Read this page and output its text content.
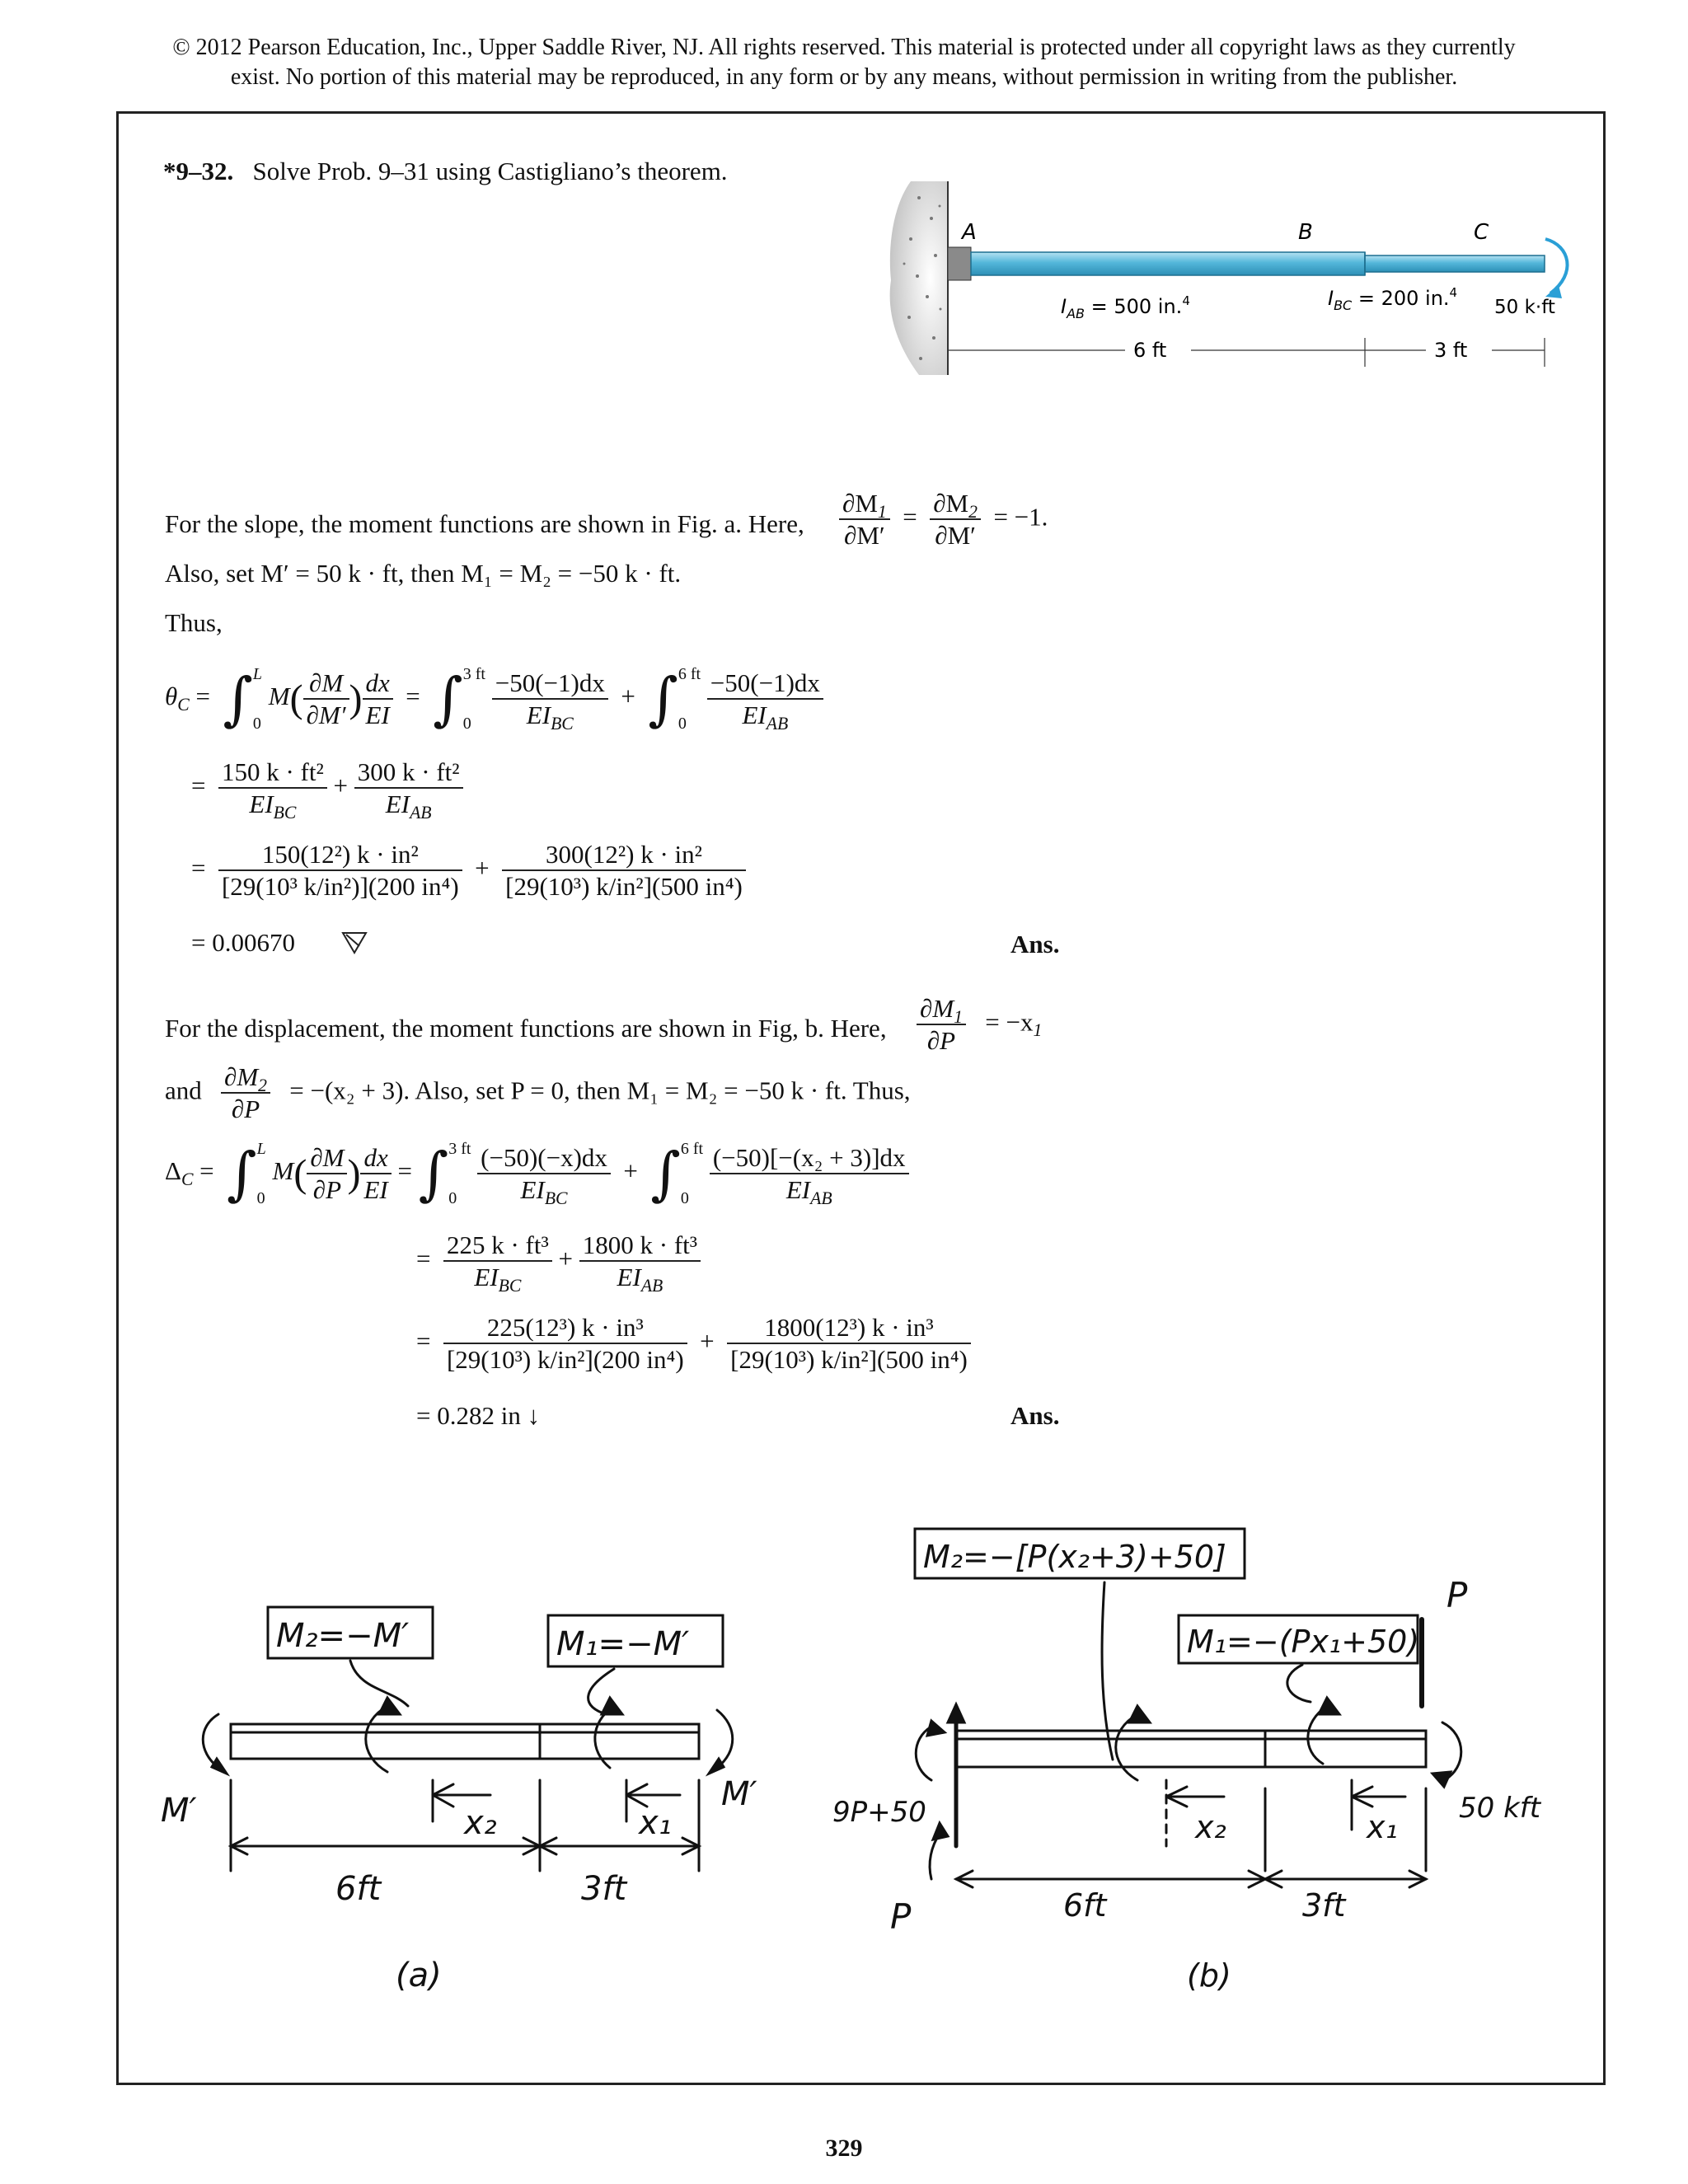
© 2012 Pearson Education, Inc., Upper Saddle River, NJ. All rights reserved. This material is protected under all copyright laws as they currently
exist. No portion of this material may be reproduced, in any form or by any means, without permission in writing from the publisher.
*9–32. Solve Prob. 9–31 using Castigliano’s theorem.
A	B	C
$I_{AB} = 500$ in.$^4$	$I_{BC} = 200$ in.$^4$
50 k·ft
6 ft	3 ft
For the slope, the moment functions are shown in Fig. a. Here, $\frac{\partial M_1}{\partial M'} = \frac{\partial M_2}{\partial M'} = -1$.
Also, set M′ = 50 k · ft, then M₁ = M₂ = −50 k · ft.
Thus,
$\theta_C$ =  ∫ L

0
$M( \frac{\partial M}{\partial M'}$ ) $\frac{dx}{EI}$ =  ∫ 3 ft

0
$\frac{-50(-1)dx}{EI_{BC}}$ +  ∫ 6 ft

0
$\frac{-50(-1)dx}{EI_{AB}}$
= $\frac{\text{150 k · ft²}}{EI_{BC}} + \frac{\text{300 k · ft²}}{EI_{AB}}$
= $\frac{\text{150(12²) k · in²}}{\text{[29(10³ k/in²)](200 in⁴)}} + \frac{\text{300(12²) k · in²}}{\text{[29(10³) k/in²](500 in⁴)}}$
= 0.00670	Ans.
For the displacement, the moment functions are shown in Fig, b. Here, $\frac{\partial M_1}{\partial P} = -x_1$
and $\frac{\partial M_2}{\partial P} = -(x_2 + 3)$. Also, set P = 0, then M₁ = M₂ = −50 k · ft. Thus,
$\Delta_C$ =  ∫ L

0
$M( \frac{\partial M}{\partial P}$ ) $\frac{dx}{EI}$ = ∫ 3 ft

0
$\frac{(-50)(-x)dx}{EI_{BC}}$ +  ∫ 6 ft

0
$\frac{\text{(−50)[−(x₂ + 3)]dx}}{EI_{AB}}$
= $\frac{\text{225 k · ft³}}{EI_{BC}} + \frac{\text{1800 k · ft³}}{EI_{AB}}$
= $\frac{\text{225(12³) k · in³}}{\text{[29(10³) k/in²](200 in⁴)}} + \frac{\text{1800(12³) k · in³}}{\text{[29(10³) k/in²](500 in⁴)}}$
= 0.282 in ↓	Ans.
M₂=−M′	M₁=−M′
M′	M′
x₂	x₁
6ft	3ft
(a)
M₂=−[P(x₂+3)+50]
M₁=−(Px₁+50)
P
9P+50
P
50 kft
x₂	x₁
6ft	3ft
(b)
329
